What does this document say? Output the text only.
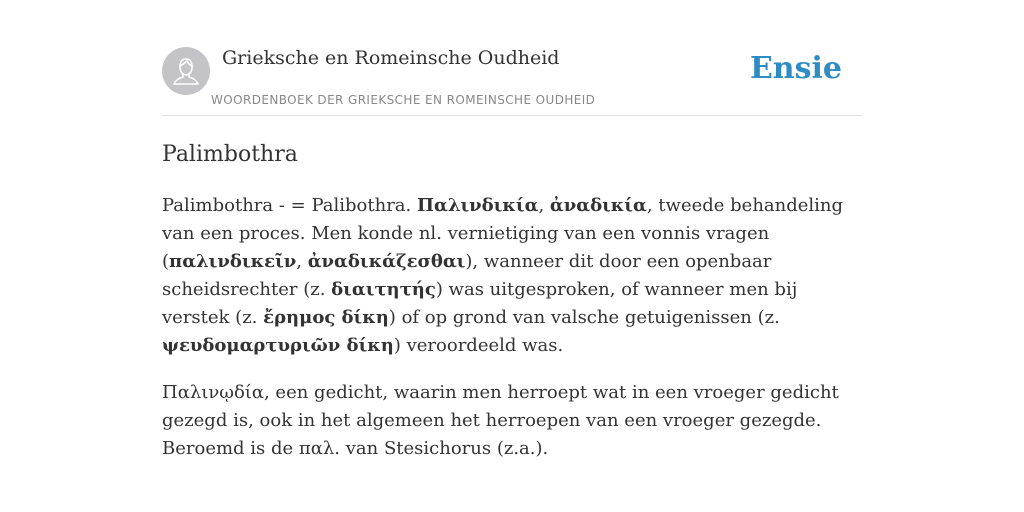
Grieksche en Romeinsche Oudheid
WOORDENBOEK DER GRIEKSCHE EN ROMEINSCHE OUDHEID
Ensie
Palimbothra

Palimbothra - = Palibothra. Παλινδικία, ἀναδικία, tweede behandeling van een proces. Men konde nl. vernietiging van een vonnis vragen (παλινδικεῖν, ἀναδικάζεσθαι), wanneer dit door een openbaar scheidsrechter (z. διαιτητής) was uitgesproken, of wanneer men bij verstek (z. ἔρημος δίκη) of op grond van valsche getuigenissen (z. ψευδομαρτυριῶν δίκη) veroordeeld was.

Παλινῳδία, een gedicht, waarin men herroept wat in een vroeger gedicht gezegd is, ook in het algemeen het herroepen van een vroeger gezegde. Beroemd is de παλ. van Stesichorus (z.a.).
